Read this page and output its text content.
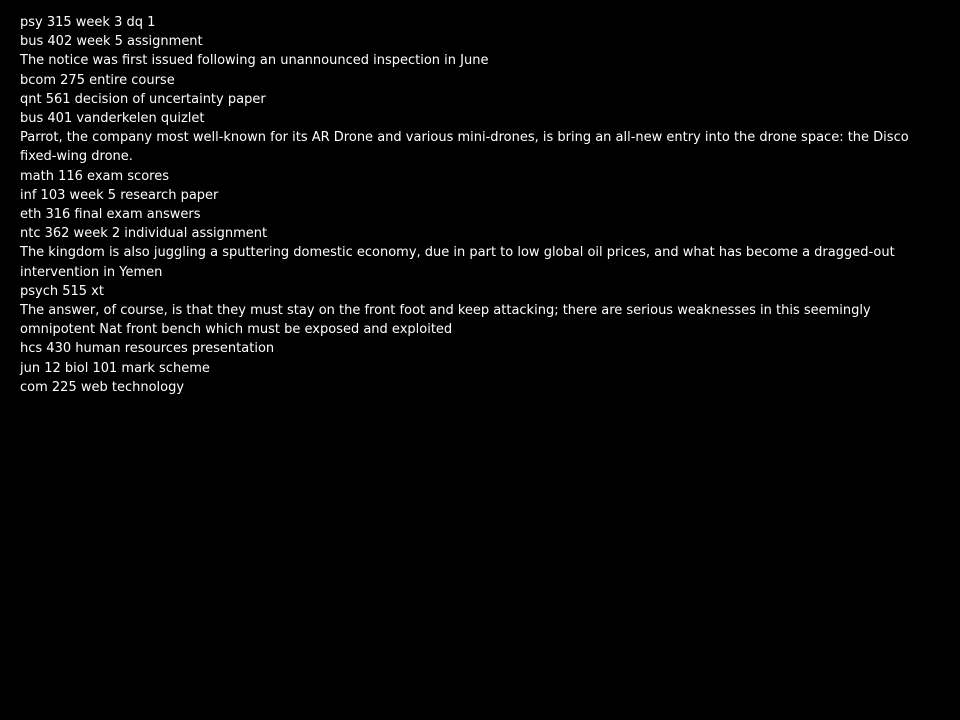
psy 315 week 3 dq 1

bus 402 week 5 assignment

The notice was first issued following an unannounced inspection in June

bcom 275 entire course

qnt 561 decision of uncertainty paper

bus 401 vanderkelen quizlet

Parrot, the company most well-known for its AR Drone and various mini-drones, is bring an all-new entry into the drone space: the Disco fixed-wing drone.

math 116 exam scores

inf 103 week 5 research paper

eth 316 final exam answers

ntc 362 week 2 individual assignment

The kingdom is also juggling a sputtering domestic economy, due in part to low global oil prices, and what has become a dragged-out intervention in Yemen

psych 515 xt

The answer, of course, is that they must stay on the front foot and keep attacking; there are serious weaknesses in this seemingly omnipotent Nat front bench which must be exposed and exploited

hcs 430 human resources presentation

jun 12 biol 101 mark scheme

com 225 web technology
